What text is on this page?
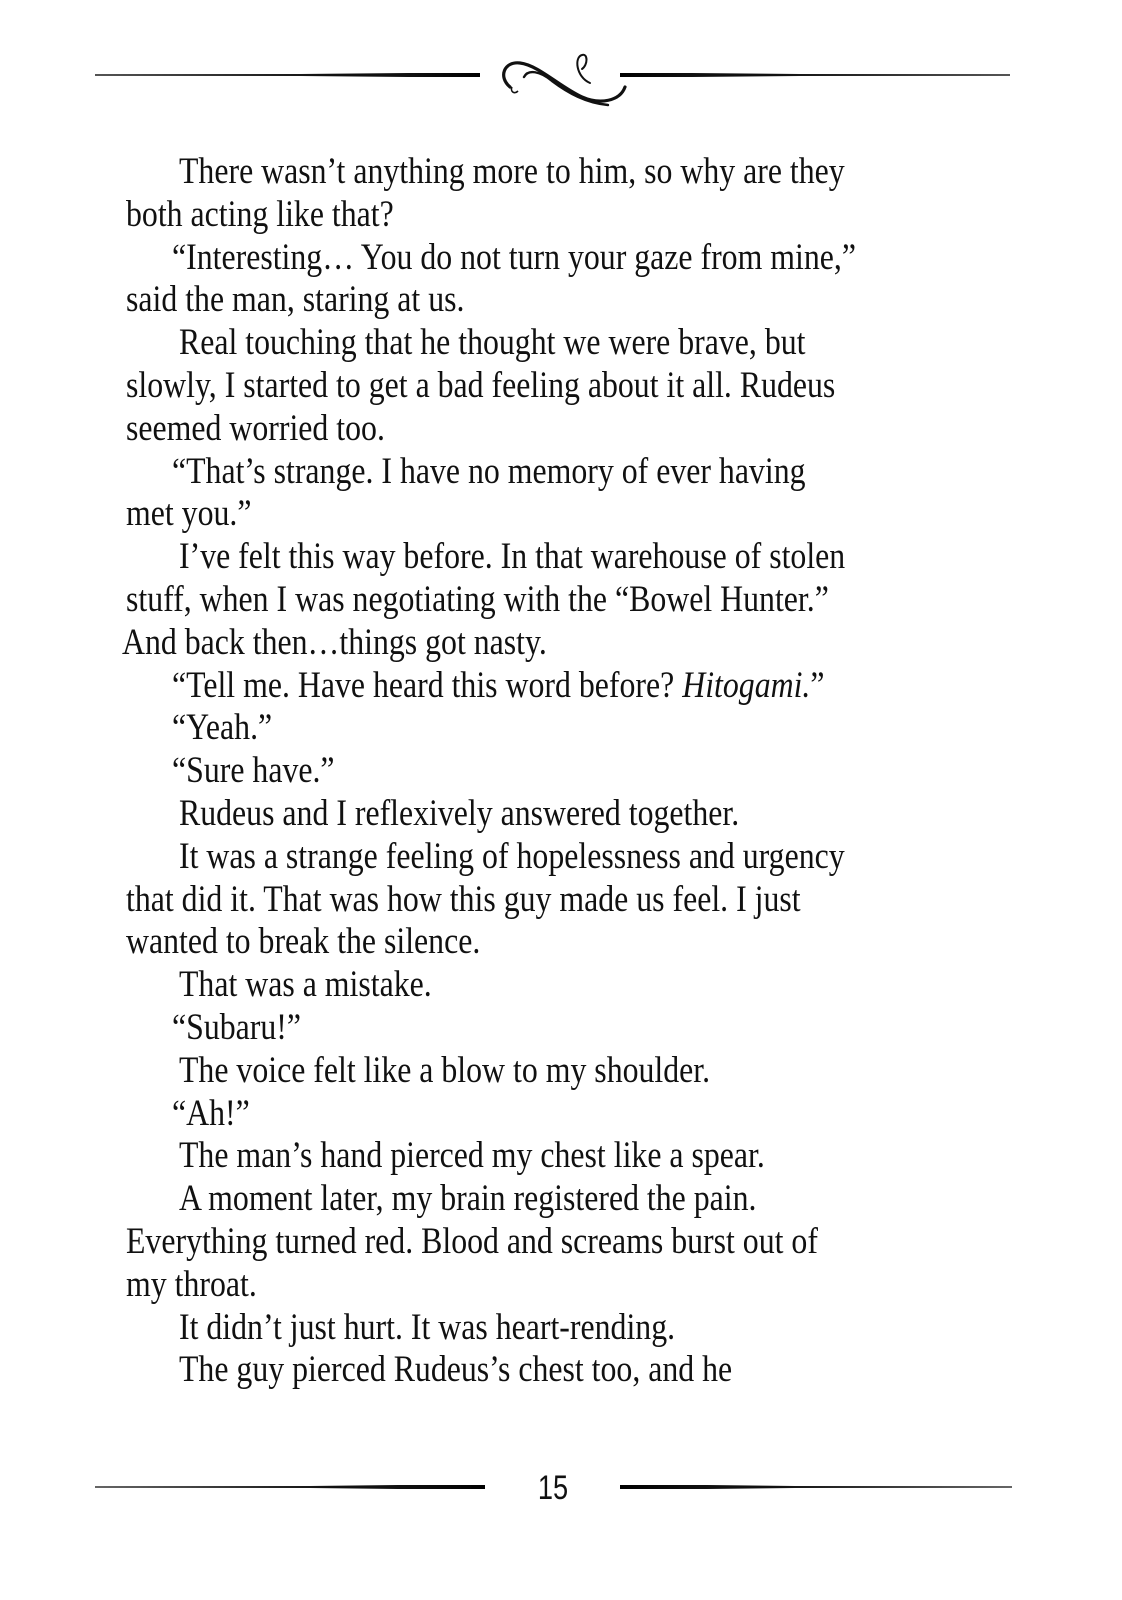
There wasn’t anything more to him, so why are they
both acting like that?
“Interesting… You do not turn your gaze from mine,”
said the man, staring at us.
Real touching that he thought we were brave, but
slowly, I started to get a bad feeling about it all. Rudeus
seemed worried too.
“That’s strange. I have no memory of ever having
met you.”
I’ve felt this way before. In that warehouse of stolen
stuff, when I was negotiating with the “Bowel Hunter.”
And back then…things got nasty.
“Tell me. Have heard this word before? Hitogami.”
“Yeah.”
“Sure have.”
Rudeus and I reflexively answered together.
It was a strange feeling of hopelessness and urgency
that did it. That was how this guy made us feel. I just
wanted to break the silence.
That was a mistake.
“Subaru!”
The voice felt like a blow to my shoulder.
“Ah!”
The man’s hand pierced my chest like a spear.
A moment later, my brain registered the pain.
Everything turned red. Blood and screams burst out of
my throat.
It didn’t just hurt. It was heart-rending.
The guy pierced Rudeus’s chest too, and he
15
